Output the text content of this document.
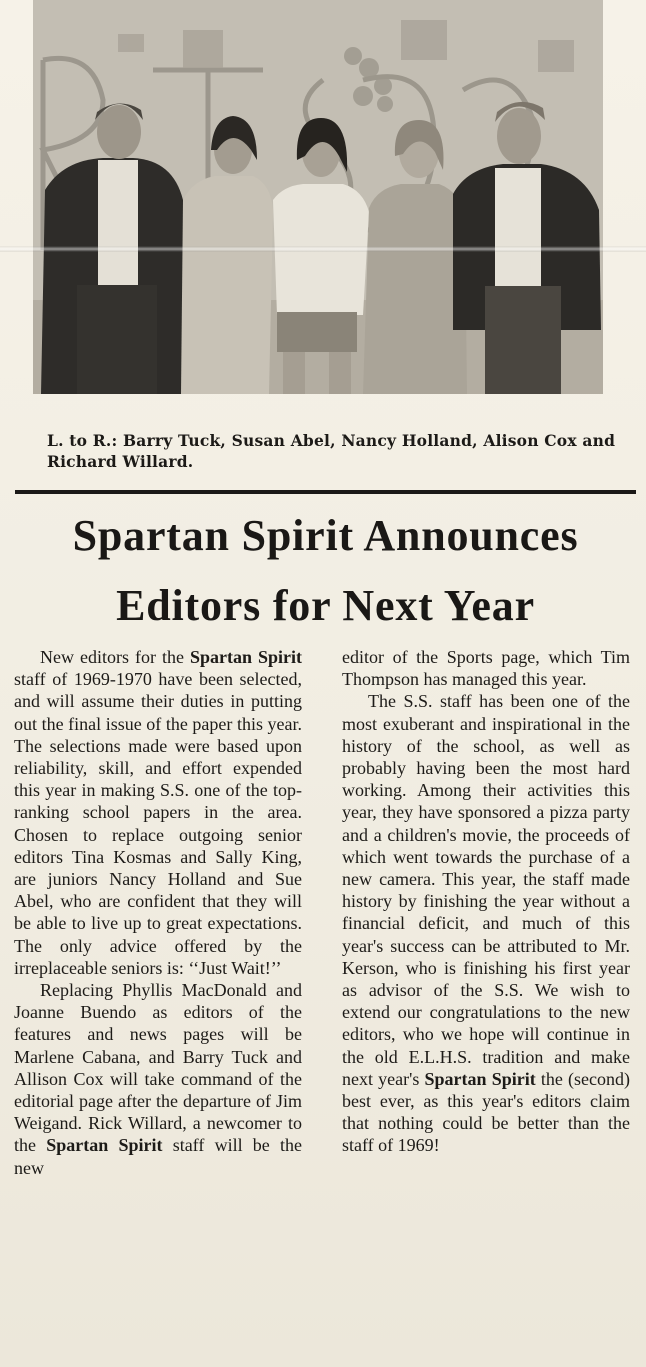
L. to R.: Barry Tuck, Susan Abel, Nancy Holland, Alison Cox and Richard Willard.
Spartan Spirit Announces
Editors for Next Year

New editors for the Spartan Spirit staff of 1969-1970 have been selected, and will assume their duties in putting out the final issue of the paper this year. The selections made were based upon reliability, skill, and effort expended this year in making S.S. one of the top-ranking school papers in the area. Chosen to replace outgoing senior editors Tina Kosmas and Sally King, are juniors Nancy Holland and Sue Abel, who are confident that they will be able to live up to great expectations. The only advice offered by the irreplaceable seniors is: ‘‘Just Wait!’’

Replacing Phyllis MacDonald and Joanne Buendo as editors of the features and news pages will be Marlene Cabana, and Barry Tuck and Allison Cox will take command of the editorial page after the departure of Jim Weigand. Rick Willard, a newcomer to the Spartan Spirit staff will be the new

editor of the Sports page, which Tim Thompson has managed this year.

The S.S. staff has been one of the most exuberant and inspirational in the history of the school, as well as probably having been the most hard working. Among their activities this year, they have sponsored a pizza party and a children's movie, the proceeds of which went towards the purchase of a new camera. This year, the staff made history by finishing the year without a financial deficit, and much of this year's success can be attributed to Mr. Kerson, who is finishing his first year as advisor of the S.S. We wish to extend our congratulations to the new editors, who we hope will continue in the old E.L.H.S. tradition and make next year's Spartan Spirit the (second) best ever, as this year's editors claim that nothing could be better than the staff of 1969!
